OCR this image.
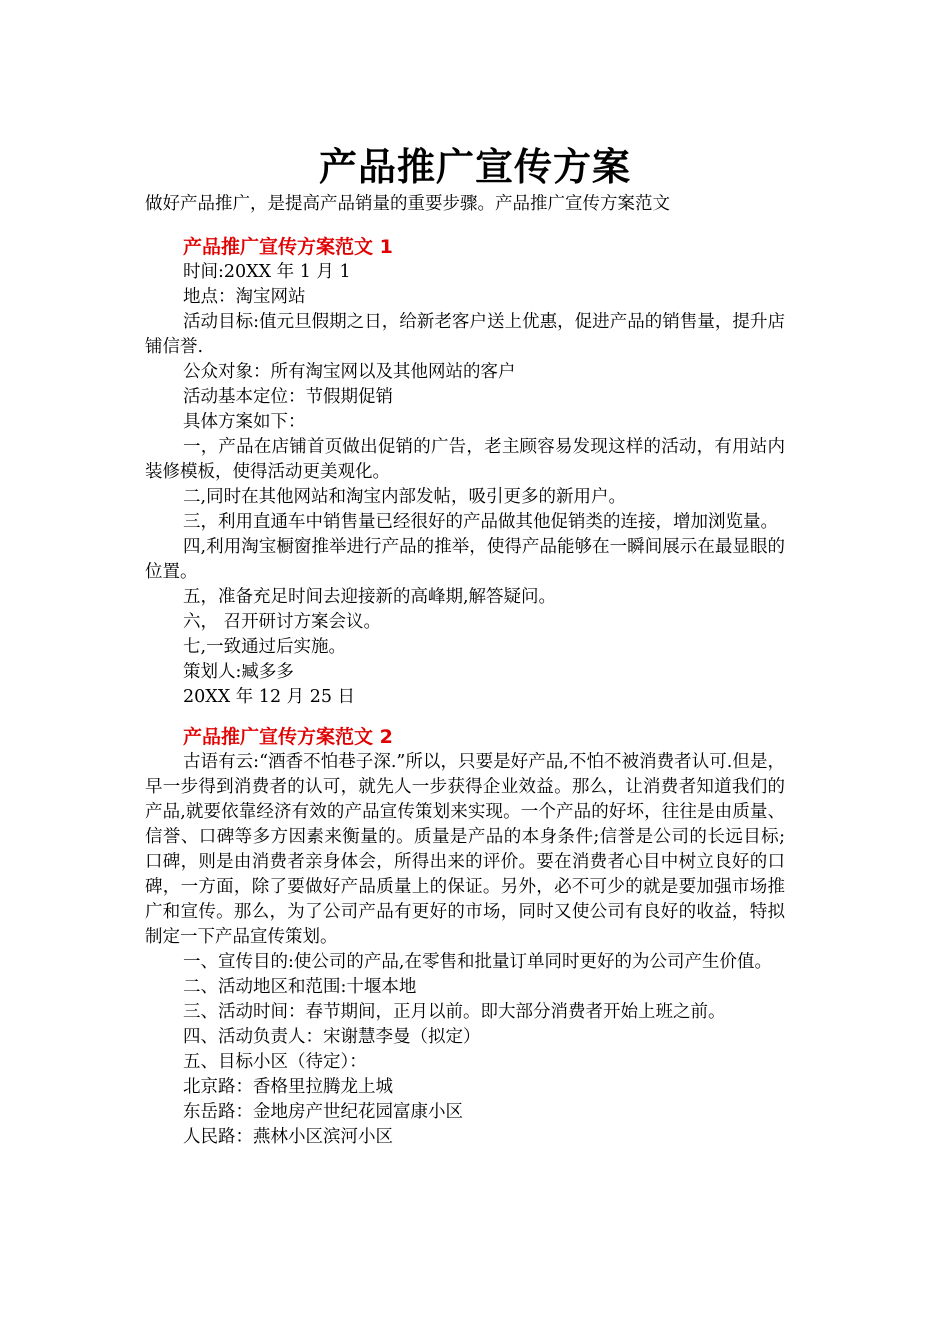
产品推广宣传方案

做好产品推广，是提高产品销量的重要步骤。产品推广宣传方案范文

产品推广宣传方案范文 1

时间:20XX 年 1 月 1

地点：淘宝网站

活动目标:值元旦假期之日，给新老客户送上优惠，促进产品的销售量，提升店铺信誉.

公众对象：所有淘宝网以及其他网站的客户

活动基本定位：节假期促销

具体方案如下：

一，产品在店铺首页做出促销的广告，老主顾容易发现这样的活动，有用站内装修模板，使得活动更美观化。

二,同时在其他网站和淘宝内部发帖，吸引更多的新用户。

三，利用直通车中销售量已经很好的产品做其他促销类的连接，增加浏览量。

四,利用淘宝橱窗推举进行产品的推举，使得产品能够在一瞬间展示在最显眼的位置。

五，准备充足时间去迎接新的高峰期,解答疑问。

六， 召开研讨方案会议。

七,一致通过后实施。

策划人:臧多多

20XX 年 12 月 25 日

产品推广宣传方案范文 2

古语有云:“酒香不怕巷子深.”所以，只要是好产品,不怕不被消费者认可.但是，早一步得到消费者的认可，就先人一步获得企业效益。那么，让消费者知道我们的产品,就要依靠经济有效的产品宣传策划来实现。一个产品的好坏，往往是由质量、信誉、口碑等多方因素来衡量的。质量是产品的本身条件;信誉是公司的长远目标;口碑，则是由消费者亲身体会，所得出来的评价。要在消费者心目中树立良好的口碑，一方面，除了要做好产品质量上的保证。另外，必不可少的就是要加强市场推广和宣传。那么，为了公司产品有更好的市场，同时又使公司有良好的收益，特拟制定一下产品宣传策划。

一、宣传目的:使公司的产品,在零售和批量订单同时更好的为公司产生价值。

二、活动地区和范围:十堰本地

三、活动时间：春节期间，正月以前。即大部分消费者开始上班之前。

四、活动负责人：宋谢慧李曼（拟定）

五、目标小区（待定）：

北京路：香格里拉腾龙上城

东岳路：金地房产世纪花园富康小区

人民路：燕林小区滨河小区
